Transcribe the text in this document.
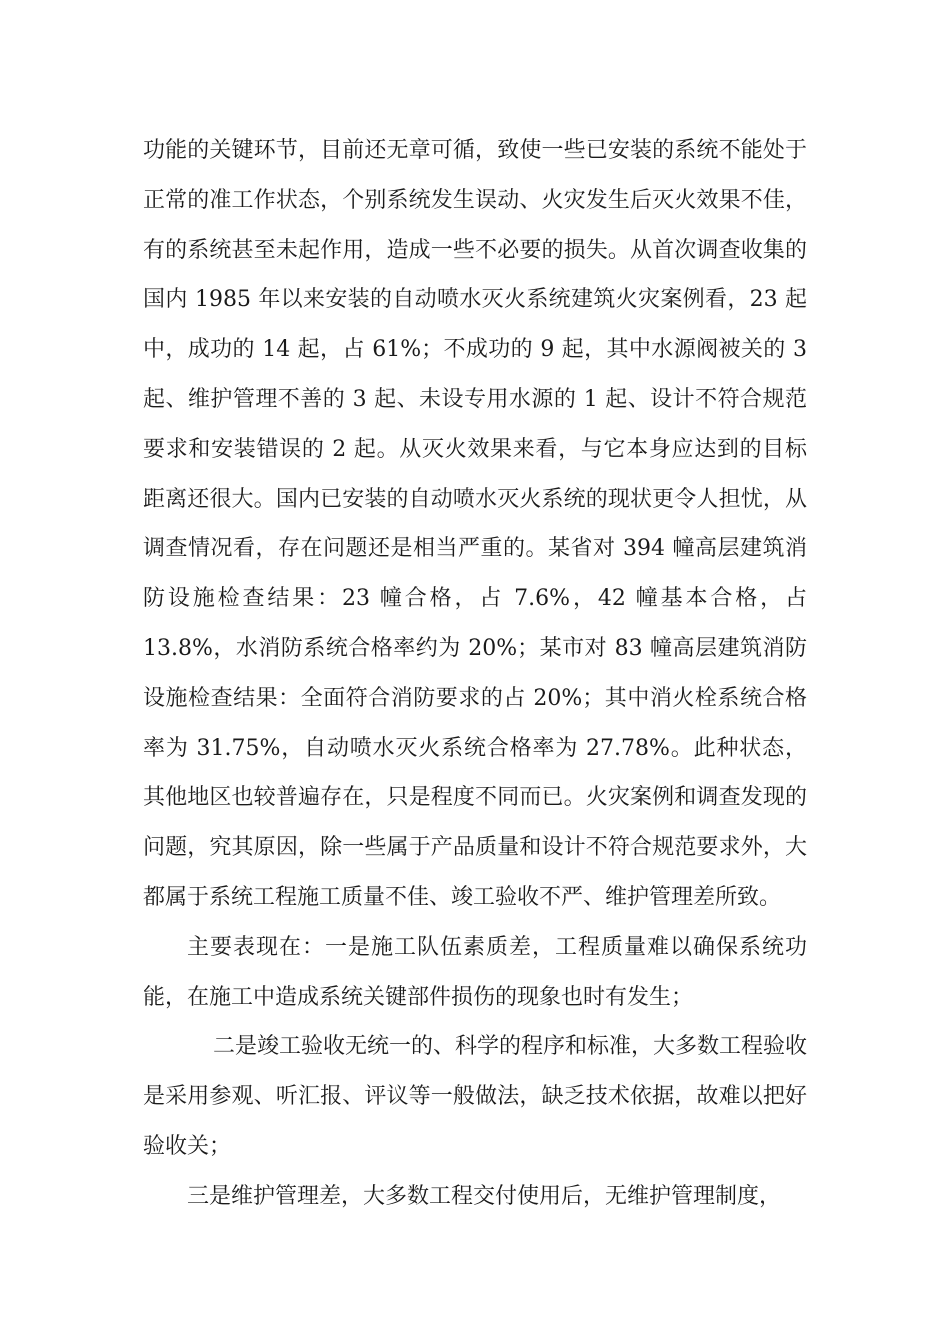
功能的关键环节，目前还无章可循，致使一些已安装的系统不能处于正常的准工作状态，个别系统发生误动、火灾发生后灭火效果不佳，有的系统甚至未起作用，造成一些不必要的损失。从首次调查收集的国内 1985 年以来安装的自动喷水灭火系统建筑火灾案例看，23 起中，成功的 14 起，占 61%；不成功的 9 起，其中水源阀被关的 3 起、维护管理不善的 3 起、未设专用水源的 1 起、设计不符合规范要求和安装错误的 2 起。从灭火效果来看，与它本身应达到的目标距离还很大。国内已安装的自动喷水灭火系统的现状更令人担忧，从调查情况看，存在问题还是相当严重的。某省对 394 幢高层建筑消防设施检查结果：23 幢合格，占 7.6%，42 幢基本合格，占 13.8%，水消防系统合格率约为 20%；某市对 83 幢高层建筑消防设施检查结果：全面符合消防要求的占 20%；其中消火栓系统合格率为 31.75%，自动喷水灭火系统合格率为 27.78%。此种状态，其他地区也较普遍存在，只是程度不同而已。火灾案例和调查发现的问题，究其原因，除一些属于产品质量和设计不符合规范要求外，大都属于系统工程施工质量不佳、竣工验收不严、维护管理差所致。

主要表现在：一是施工队伍素质差，工程质量难以确保系统功能，在施工中造成系统关键部件损伤的现象也时有发生；

二是竣工验收无统一的、科学的程序和标准，大多数工程验收是采用参观、听汇报、评议等一般做法，缺乏技术依据，故难以把好验收关；

三是维护管理差，大多数工程交付使用后，无维护管理制度，
